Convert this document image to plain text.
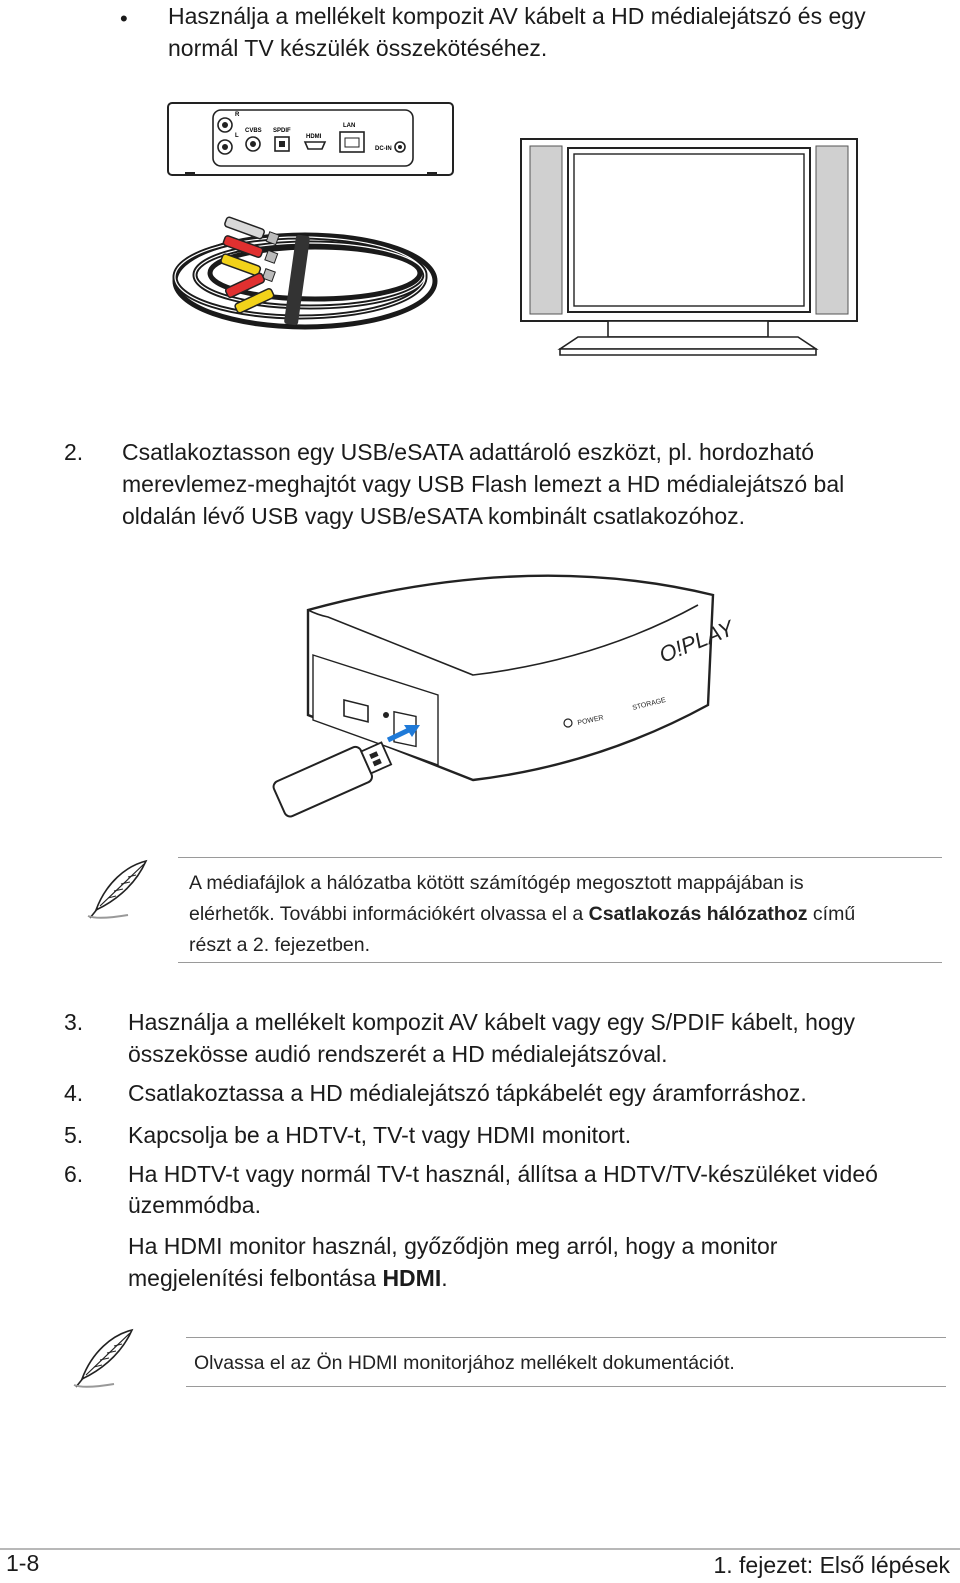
• Használja a mellékelt kompozit AV kábelt a HD médialejátszó és egy
normál TV készülék összekötéséhez.
R
L
CVBS SPDIF
HDMI
LAN
DC-IN
2. Csatlakoztasson egy USB/eSATA adattároló eszközt, pl. hordozható
merevlemez-meghajtót vagy USB Flash lemezt a HD médialejátszó bal
oldalán lévő USB vagy USB/eSATA kombinált csatlakozóhoz.
O!PLAY
POWER
STORAGE
A médiafájlok a hálózatba kötött számítógép megosztott mappájában is
elérhetők. További információkért olvassa el a Csatlakozás hálózathoz című
részt a 2. fejezetben.
3. Használja a mellékelt kompozit AV kábelt vagy egy S/PDIF kábelt, hogy
összekösse audió rendszerét a HD médialejátszóval.
4. Csatlakoztassa a HD médialejátszó tápkábelét egy áramforráshoz.
5. Kapcsolja be a HDTV-t, TV-t vagy HDMI monitort.
6. Ha HDTV-t vagy normál TV-t használ, állítsa a HDTV/TV-készüléket videó
üzemmódba.
Ha HDMI monitor használ, győződjön meg arról, hogy a monitor
megjelenítési felbontása HDMI.
Olvassa el az Ön HDMI monitorjához mellékelt dokumentációt.
1-8	1. fejezet: Első lépések
